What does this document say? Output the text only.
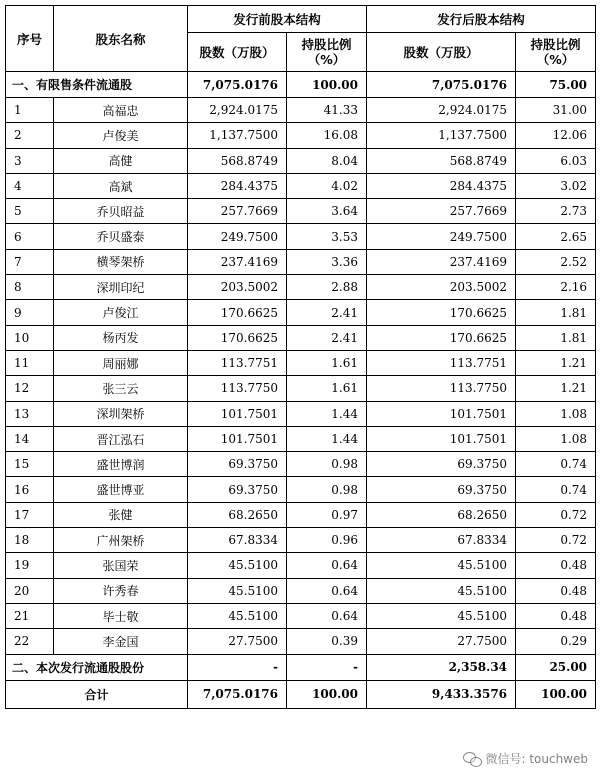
序号	股东名称	发行前股本结构		发行后股本结构	
		股数（万股）	持股比例（%）	股数（万股）	持股比例（%）
一、有限售条件流通股		7,075.0176	100.00	7,075.0176	75.00
1	高福忠	2,924.0175	41.33	2,924.0175	31.00
2	卢俊美	1,137.7500	16.08	1,137.7500	12.06
3	高健	568.8749	8.04	568.8749	6.03
4	高斌	284.4375	4.02	284.4375	3.02
5	乔贝昭益	257.7669	3.64	257.7669	2.73
6	乔贝盛泰	249.7500	3.53	249.7500	2.65
7	横琴架桥	237.4169	3.36	237.4169	2.52
8	深圳印纪	203.5002	2.88	203.5002	2.16
9	卢俊江	170.6625	2.41	170.6625	1.81
10	杨丙发	170.6625	2.41	170.6625	1.81
11	周丽娜	113.7751	1.61	113.7751	1.21
12	张三云	113.7750	1.61	113.7750	1.21
13	深圳架桥	101.7501	1.44	101.7501	1.08
14	晋江泓石	101.7501	1.44	101.7501	1.08
15	盛世博润	69.3750	0.98	69.3750	0.74
16	盛世博亚	69.3750	0.98	69.3750	0.74
17	张健	68.2650	0.97	68.2650	0.72
18	广州架桥	67.8334	0.96	67.8334	0.72
19	张国荣	45.5100	0.64	45.5100	0.48
20	许秀春	45.5100	0.64	45.5100	0.48
21	毕士敬	45.5100	0.64	45.5100	0.48
22	李金国	27.7500	0.39	27.7500	0.29
二、本次发行流通股股份		-	-	2,358.34	25.00
合计		7,075.0176	100.00	9,433.3576	100.00
微信号: touchweb
